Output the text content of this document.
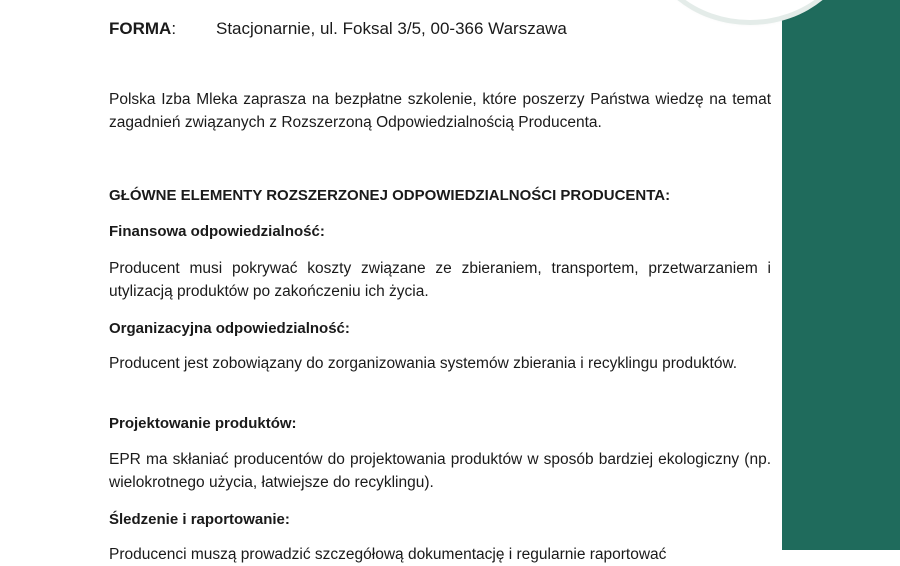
FORMA: Stacjonarnie, ul. Foksal 3/5, 00-366 Warszawa
Polska Izba Mleka zaprasza na bezpłatne szkolenie, które poszerzy Państwa wiedzę na temat zagadnień związanych z Rozszerzoną Odpowiedzialnością Producenta.
GŁÓWNE ELEMENTY ROZSZERZONEJ ODPOWIEDZIALNOŚCI PRODUCENTA:
Finansowa odpowiedzialność:
Producent musi pokrywać koszty związane ze zbieraniem, transportem, przetwarzaniem i utylizacją produktów po zakończeniu ich życia.
Organizacyjna odpowiedzialność:
Producent jest zobowiązany do zorganizowania systemów zbierania i recyklingu produktów.
Projektowanie produktów:
EPR ma skłaniać producentów do projektowania produktów w sposób bardziej ekologiczny (np. wielokrotnego użycia, łatwiejsze do recyklingu).
Śledzenie i raportowanie:
Producenci muszą prowadzić szczegółową dokumentację i regularnie raportować
